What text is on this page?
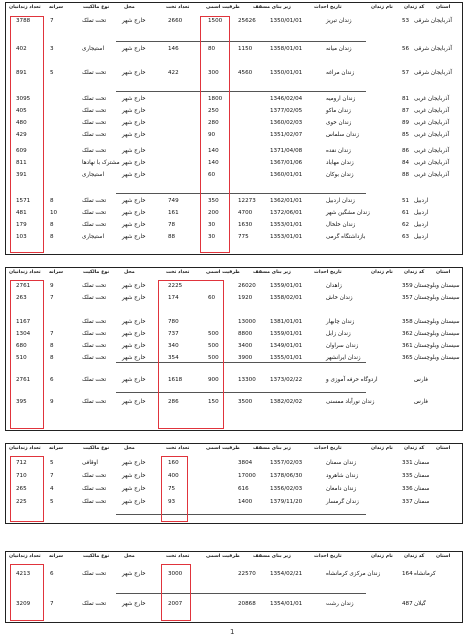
استان
کد زندان
نام زندان
تاریخ احداث
زیر بنای مسقف
ظرفیت اسمی
تعداد تخت
محل
نوع مالکیت
سرانه
تعداد زندانیان
آذربایجان شرقی
53
زندان تبریز
1350/01/01
25626
1500
2660
خارج شهر
تحت تملک
7
3788
آذربایجان شرقی
56
زندان میانه
1358/01/01
1150
80
146
خارج شهر
استیجاری
3
402
آذربایجان شرقی
57
زندان مراغه
1350/01/01
4560
300
422
خارج شهر
تحت تملک
5
891
آذربایجان غربی
81
زندان ارومیه
1346/02/04
1800
خارج شهر
تحت تملک
3095
آذربایجان غربی
87
زندان ماکو
1377/02/05
250
خارج شهر
تحت تملک
405
آذربایجان غربی
89
زندان خوی
1360/02/03
280
خارج شهر
تحت تملک
480
آذربایجان غربی
85
زندان سلماس
1351/02/07
90
خارج شهر
تحت تملک
429
آذربایجان غربی
86
زندان نقده
1371/04/08
140
خارج شهر
تحت تملک
609
آذربایجان غربی
84
زندان مهاباد
1367/01/06
140
خارج شهر
مشترک با نهادها
811
آذربایجان غربی
88
زندان بوکان
1360/01/01
60
خارج شهر
استیجاری
391
اردبیل
51
زندان اردبیل
1362/01/01
12273
350
749
خارج شهر
تحت تملک
8
1571
اردبیل
61
زندان مشگین شهر
1372/06/01
4700
200
161
خارج شهر
تحت تملک
10
481
اردبیل
62
زندان خلخال
1353/01/01
1630
30
78
خارج شهر
تحت تملک
8
179
اردبیل
63
بازداشتگاه گرمی
1353/01/01
775
30
88
خارج شهر
استیجاری
8
103
استان
کد زندان
نام زندان
تاریخ احداث
زیر بنای مسقف
ظرفیت اسمی
تعداد تخت
محل
نوع مالکیت
سرانه
تعداد زندانیان
سیستان وبلوچستان
359
زاهدان
1359/01/01
26020
2225
خارج شهر
تحت تملک
9
2761
سیستان وبلوچستان
357
زندان خاش
1358/02/01
1920
60
174
خارج شهر
تحت تملک
7
263
سیستان وبلوچستان
358
زندان چابهار
1381/01/01
13000
780
خارج شهر
تحت تملک
1167
سیستان وبلوچستان
362
زندان زابل
1359/01/01
8800
500
737
خارج شهر
تحت تملک
7
1304
سیستان وبلوچستان
361
زندان سراوان
1349/01/01
3400
500
340
خارج شهر
تحت تملک
8
680
سیستان وبلوچستان
365
زندان ایرانشهر
1355/01/01
3900
500
354
خارج شهر
تحت تملک
8
510
فارس
اردوگاه حرفه آموزی و
1373/02/22
13300
900
1618
خارج شهر
تحت تملک
6
2761
فارس
زندان نورآباد ممسنی
1382/02/02
3500
150
286
خارج شهر
تحت تملک
9
395
استان
کد زندان
نام زندان
تاریخ احداث
زیر بنای مسقف
ظرفیت اسمی
تعداد تخت
محل
نوع مالکیت
سرانه
تعداد زندانیان
سمنان
331
زندان سمنان
1357/02/03
3804
160
خارج شهر
اوقافی
5
712
سمنان
335
زندان شاهرود
1378/06/30
17000
400
خارج شهر
تحت تملک
7
710
سمنان
336
زندان دامغان
1356/02/03
616
75
خارج شهر
تحت تملک
4
265
سمنان
337
زندان گرمسار
1379/11/20
1400
93
خارج شهر
تحت تملک
5
225
استان
کد زندان
نام زندان
تاریخ احداث
زیر بنای مسقف
ظرفیت اسمی
تعداد تخت
محل
نوع مالکیت
سرانه
تعداد زندانیان
کرمانشاه
164
زندان مرکزی کرمانشاه
1354/02/21
22570
3000
خارج شهر
تحت تملک
6
4213
گیلان
487
زندان رشت
1354/01/01
20868
2007
خارج شهر
تحت تملک
7
3209
1
